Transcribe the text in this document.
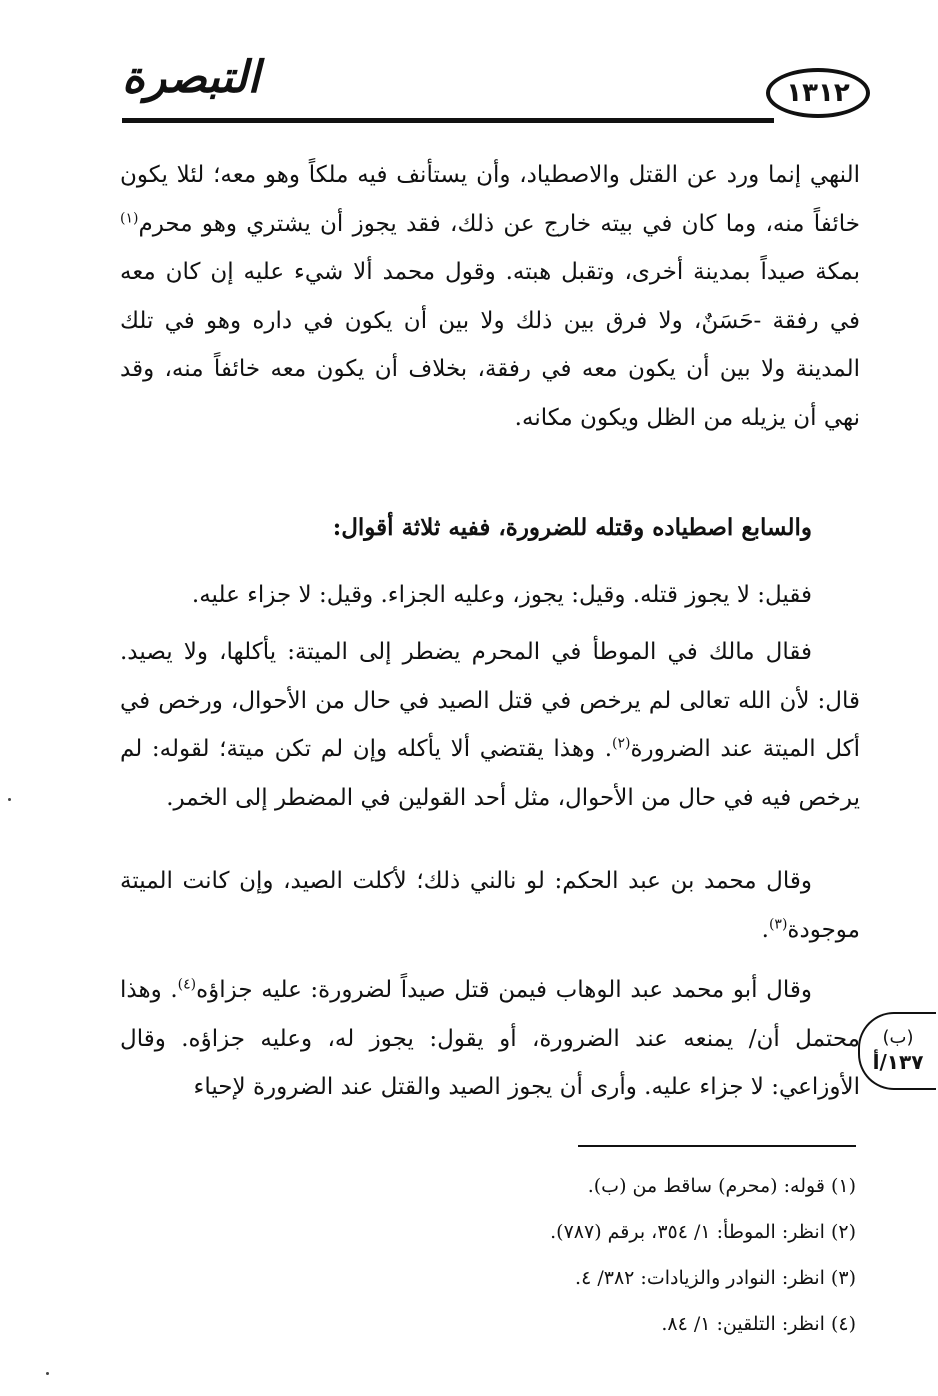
التبصرة	١٣١٢

النهي إنما ورد عن القتل والاصطياد، وأن يستأنف فيه ملكاً وهو معه؛ لئلا يكون خائفاً منه، وما كان في بيته خارج عن ذلك، فقد يجوز أن يشتري وهو محرم$^{(١)}$ بمكة صيداً بمدينة أخرى، وتقبل هبته. وقول محمد ألا شيء عليه إن كان معه في رفقة -حَسَنٌ، ولا فرق بين ذلك ولا بين أن يكون في داره وهو في تلك المدينة ولا بين أن يكون معه في رفقة، بخلاف أن يكون معه خائفاً منه، وقد نهي أن يزيله من الظل ويكون مكانه.

والسابع اصطياده وقتله للضرورة، ففيه ثلاثة أقوال:

فقيل: لا يجوز قتله. وقيل: يجوز، وعليه الجزاء. وقيل: لا جزاء عليه.

فقال مالك في الموطأ في المحرم يضطر إلى الميتة: يأكلها، ولا يصيد. قال: لأن الله تعالى لم يرخص في قتل الصيد في حال من الأحوال، ورخص في أكل الميتة عند الضرورة$^{(٢)}$. وهذا يقتضي ألا يأكله وإن لم تكن ميتة؛ لقوله: لم يرخص فيه في حال من الأحوال، مثل أحد القولين في المضطر إلى الخمر.

وقال محمد بن عبد الحكم: لو نالني ذلك؛ لأكلت الصيد، وإن كانت الميتة موجودة$^{(٣)}$.

وقال أبو محمد عبد الوهاب فيمن قتل صيداً لضرورة: عليه جزاؤه$^{(٤)}$. وهذا محتمل أن/ يمنعه عند الضرورة، أو يقول: يجوز له، وعليه جزاؤه. وقال الأوزاعي: لا جزاء عليه. وأرى أن يجوز الصيد والقتل عند الضرورة لإحياء

(ب)
١٣٧/أ
(١) قوله: (محرم) ساقط من (ب).
(٢) انظر: الموطأ: ١/ ٣٥٤، برقم (٧٨٧).
(٣) انظر: النوادر والزيادات: ٣٨٢/ ٤.
(٤) انظر: التلقين: ١/ ٨٤.
